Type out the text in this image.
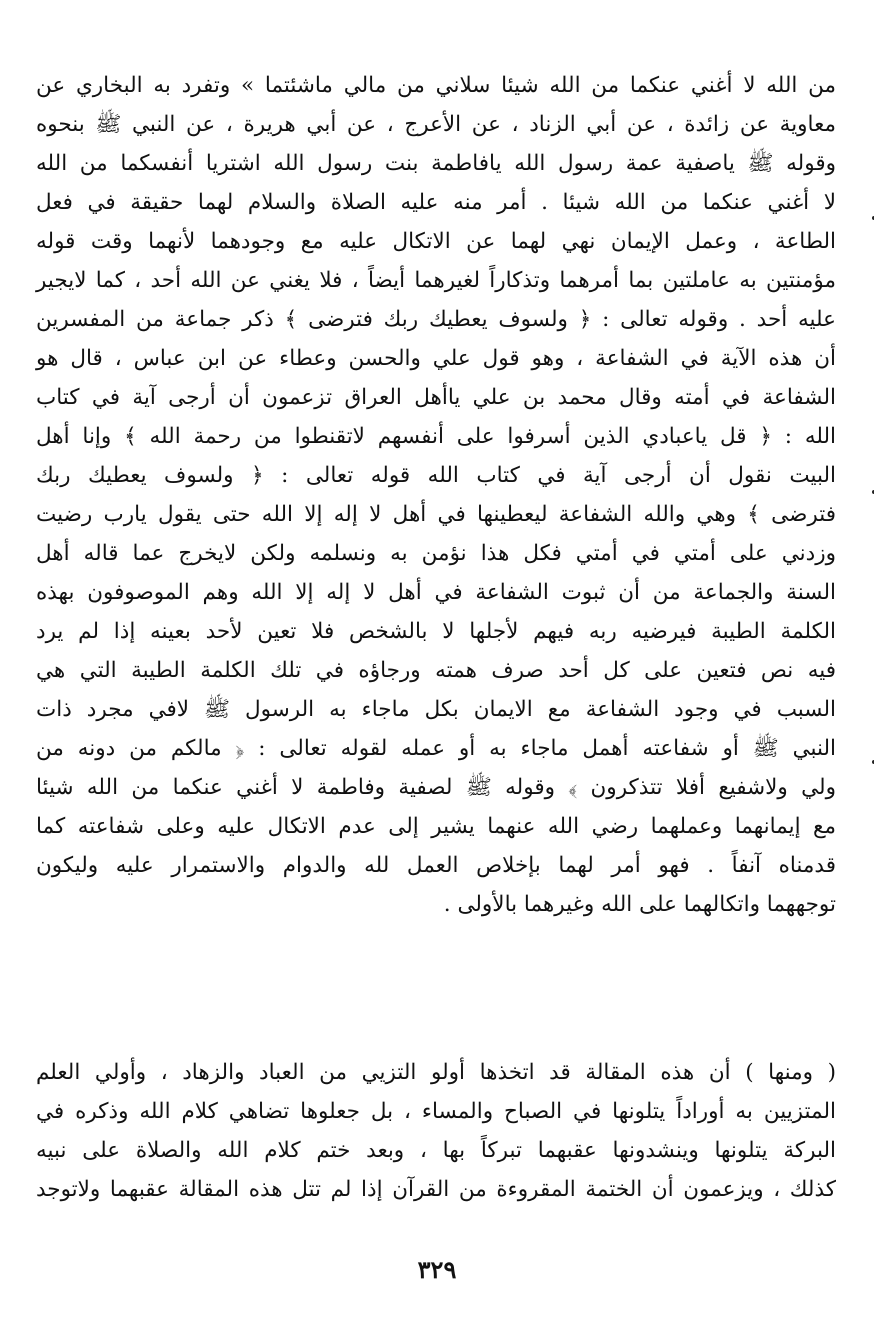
من الله لا أغني عنكما من الله شيئا سلاني من مالي ماشئتما » وتفرد به البخاري عن
معاوية عن زائدة ، عن أبي الزناد ، عن الأعرج ، عن أبي هريرة ، عن النبي ﷺ بنحوه
وقوله ﷺ ياصفية عمة رسول الله يافاطمة بنت رسول الله اشتريا أنفسكما من الله
لا أغني عنكما من الله شيئا . أمر منه عليه الصلاة والسلام لهما حقيقة في فعل
الطاعة ، وعمل الإيمان نهي لهما عن الاتكال عليه مع وجودهما لأنهما وقت قوله
مؤمنتين به عاملتين بما أمرهما وتذكاراً لغيرهما أيضاً ، فلا يغني عن الله أحد ، كما لايجير
عليه أحد . وقوله تعالى : ﴿ ولسوف يعطيك ربك فترضى ﴾ ذكر جماعة من المفسرين
أن هذه الآية في الشفاعة ، وهو قول علي والحسن وعطاء عن ابن عباس ، قال هو
الشفاعة في أمته وقال محمد بن علي ياأهل العراق تزعمون أن أرجى آية في كتاب
الله : ﴿ قل ياعبادي الذين أسرفوا على أنفسهم لاتقنطوا من رحمة الله ﴾ وإنا أهل
البيت نقول أن أرجى آية في كتاب الله قوله تعالى : ﴿ ولسوف يعطيك ربك
فترضى ﴾ وهي والله الشفاعة ليعطينها في أهل لا إله إلا الله حتى يقول يارب رضيت
وزدني على أمتي في أمتي فكل هذا نؤمن به ونسلمه ولكن لايخرج عما قاله أهل
السنة والجماعة من أن ثبوت الشفاعة في أهل لا إله إلا الله وهم الموصوفون بهذه
الكلمة الطيبة فيرضيه ربه فيهم لأجلها لا بالشخص فلا تعين لأحد بعينه إذا لم يرد
فيه نص فتعين على كل أحد صرف همته ورجاؤه في تلك الكلمة الطيبة التي هي
السبب في وجود الشفاعة مع الايمان بكل ماجاء به الرسول ﷺ لافي مجرد ذات
النبي ﷺ أو شفاعته أهمل ماجاء به أو عمله لقوله تعالى : ﴿ مالكم من دونه من
ولي ولاشفيع أفلا تتذكرون ﴾ وقوله ﷺ لصفية وفاطمة لا أغني عنكما من الله شيئا
مع إيمانهما وعملهما رضي الله عنهما يشير إلى عدم الاتكال عليه وعلى شفاعته كما
قدمناه آنفاً . فهو أمر لهما بإخلاص العمل لله والدوام والاستمرار عليه وليكون
توجههما واتكالهما على الله وغيرهما بالأولى .
( ومنها ) أن هذه المقالة قد اتخذها أولو التزيي من العباد والزهاد ، وأولي العلم
المتزيين به أوراداً يتلونها في الصباح والمساء ، بل جعلوها تضاهي كلام الله وذكره في
البركة يتلونها وينشدونها عقبهما تبركاً بها ، وبعد ختم كلام الله والصلاة على نبيه
كذلك ، ويزعمون أن الختمة المقروءة من القرآن إذا لم تتل هذه المقالة عقبهما ولاتوجد
٣٢٩
